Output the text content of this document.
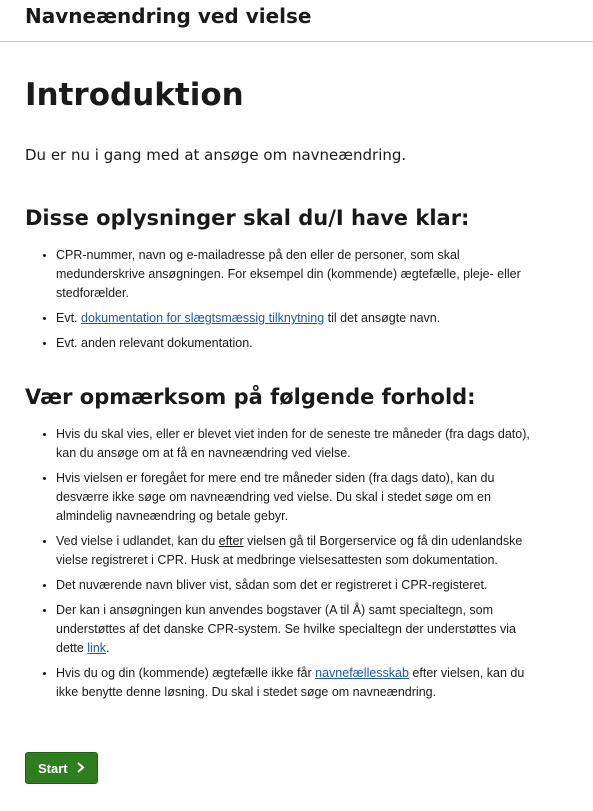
Navneændring ved vielse
Introduktion

Du er nu i gang med at ansøge om navneændring.

Disse oplysninger skal du/I have klar:
CPR-nummer, navn og e-mailadresse på den eller de personer, som skal medunderskrive ansøgningen. For eksempel din (kommende) ægtefælle, pleje- eller stedforælder.
Evt. dokumentation for slægtsmæssig tilknytning til det ansøgte navn.
Evt. anden relevant dokumentation.
Vær opmærksom på følgende forhold:
Hvis du skal vies, eller er blevet viet inden for de seneste tre måneder (fra dags dato), kan du ansøge om at få en navneændring ved vielse.
Hvis vielsen er foregået for mere end tre måneder siden (fra dags dato), kan du desværre ikke søge om navneændring ved vielse. Du skal i stedet søge om en almindelig navneændring og betale gebyr.
Ved vielse i udlandet, kan du efter vielsen gå til Borgerservice og få din udenlandske vielse registreret i CPR. Husk at medbringe vielsesattesten som dokumentation.
Det nuværende navn bliver vist, sådan som det er registreret i CPR-registeret.
Der kan i ansøgningen kun anvendes bogstaver (A til Å) samt specialtegn, som understøttes af det danske CPR-system. Se hvilke specialtegn der understøttes via dette link.
Hvis du og din (kommende) ægtefælle ikke får navnefællesskab efter vielsen, kan du ikke benytte denne løsning. Du skal i stedet søge om navneændring.
Start
